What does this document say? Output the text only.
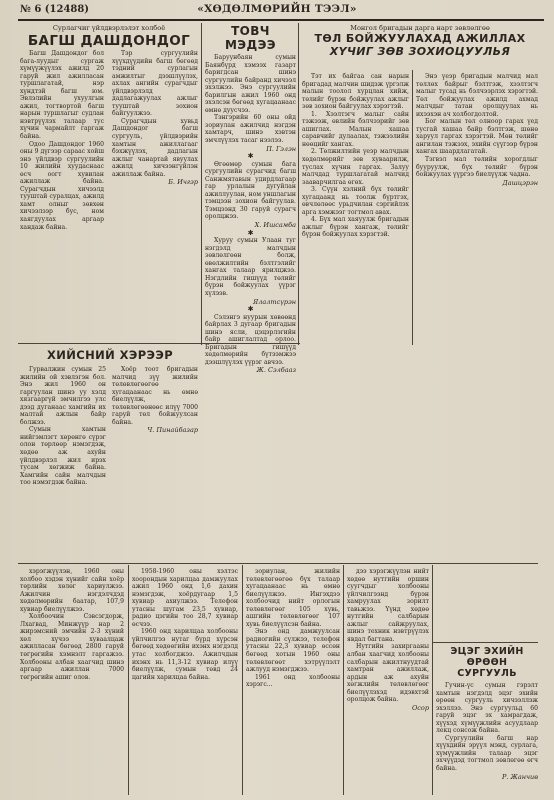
№ 6 (12488)	«ХӨДӨЛМӨРИЙН ТЭЭЛ»
Сурлагчиг үйлдвэрлэлэт холбоё
БАГШ ДАШДОНДОГ

Багш Дашдондог бол бага-луудыг сургаж хүмүүжүүлэх ажилд 20 гаруй жил ажилласан туршлагатай, нэр хүндтэй багш юм. Эвлэлийн ухуулгын ажил, тогтвортой багш нарын туршлагыг судлан нэвтрүүлэх талаар тус хүчин чармайлт гаргаж байна.

Одоо Дашдондог 1960 оны 9 дүгээр сараас хойш энэ үйлдвэр сургуулийн 10 жилийн хуудаснаас өсч оогт хувилан ажиллаж байна. Сурагчдын хичээлд тууштай суралцах, ажилд хамт олныг зөвхөн хичээлээр бус, ном хаягдуулах аргаар хандаж байна.

Тэр сургуулийн хүүхдүүдийн багш бөгөөд тэдний сурлагын амжилтыг дээшлүүлэх, ахлах ангийн сурагчдыг үйлдвэрлэлд дадлагажуулах ажлыг тууштай зохион байгуулжээ.

Сурагчдын хувьд Дашдондог багш сургууль, үйлдвэрийн хамтын ажиллагааг бэхжүүлэх, дадлагын ажлыг чанартай явуулах ажилд хичээнгүйлэн ажиллаж байна.

Б. Ичгэр
ХИЙСНИЙ ХЭРЭЭР

Гурвалжин сумын 25 жилийн ой хэвлэгэн бол. Энэ жил 1960 он гаргуулан шинэ уу хэлд хязгааргүй эмчилгээ улс дээд дуганаас хамгийн их малтай ажлын байр болжээ.

Сумын хамтын нийгэмлэгт хөрөнгө сүрэг олон төрлөөр нэмэгдэж, хөдөө аж ахуйн үйлдвэрлэл жил ирэх тусам хөгжиж байна. Хамгийн сайн малчдын тоо нэмэгдэж байна.

Хоёр тоот бригадын малчид зүү жилийн төлөвлөгөөгөө хугацаанаас нь өмнө биелүүлж, төлөвлөгөөнөөс илүү 7000 гаруй төл бойжуулсан байна.

Ч. Пинайбазар
ТОВЧ МЭДЭЭ

Баруунбаян сумын Баянбүрд хэмээх газарт баригдсан шинэ сургуулийн байранд хичээл эхэлжээ. Энэ сургуулийн барилгын ажил 1960 онд эхэлсэн бөгөөд хугацаанаас өмнө дуусчээ.

Тэнгэрийн 60 оны ойд зориулан ажилчид нэгдэн хамтарч, шинэ хэвтэн эмчлүүлэх тасаг нээлээ.

П. Гэлэн
✱

Өгөөмөр сумын бага сургуулийн сурагчид багш Санжмятавын удирдлагаар гар урлалын дугуйлан ажиллуулан, ном уншлагын тэмцээн зохион байгуулав. Тэмцээнд 30 гаруй сурагч оролцжээ.

Х. Ишсамба
✱

Хуруу сумын Улаан туг нэгдэлд малчдын зөвлөлгөөн болж, өвөлжилтийн бэлтгэлийг хангах талаар ярилцжээ. Нэгдлийн гишүүд төлийг бүрэн бойжуулах үүрэг хүлээв.

Ялалтсүрэн
✱

Сэлэнгэ нуурын хөвөөнд байрлах 3 дугаар бригадын шинэ ясли, цэцэрлэгийн байр ашиглалтад орлоо. Бригадын гишүүд хөдөлмөрийн бүтээмжээ дээшлүүлэх үүрэг авчээ.

Ж. Сэлбааз
Монгол бригадын дарга нарт зөвлөлгөө
ТӨЛ БОЙЖУУЛАХАД АЖИЛЛАХ
ХҮЧИГ ЗӨВ ЗОХИОЦУУЛЬЯ

Тэт их байгаа сан нарын бригадад малчин шидэж үргэлж малын тоолол хурцлан хийж, төлийг бүрэн бойжуулах ажлыг зөв зохион байгуулах хэрэгтэй.

1. Хээлтэгч малыг сайн тэжээж, өвлийн бэлчээрийг зөв ашиглах. Малын хашаа саравчийг дулаалах, тэжээлийн нөөцийг хангах.

2. Төлжилтийн үеэр малчдын хөдөлмөрийг зөв хуваарилж, туслах хүчин гаргах. Залуу малчдад туршлагатай малчид зааварчилгаа өгөх.

3. Сүүн хэлний бүх төлийг хугацаанд нь тоолж бүртгэх, өвчлөлөөс урьдчилан сэргийлэх арга хэмжээг тогтмол авах.

4. Бүх мал хаяуулж бригадын ажлыг бүрэн хангаж, төлийг бүрэн бойжуулах хэрэгтэй.

Энэ үеэр бригадын малчид мал төллөх байрыг бэлтгэж, хээлтэгч малыг тусад нь бэлчээрлэх хэрэгтэй. Төл бойжуулах ажилд ахмад малчдыг татан оролцуулах нь ихээхэн ач холбогдолтой.

Бог малын төл олноор гарах үед тусгай хашаа байр бэлтгэж, шөнө харуул гаргах хэрэгтэй. Мөн төлийг ангилан тэжээх, эхийн сүүгээр бүрэн хангах шаардлагатай.

Тэгвэл мал төлийн хорогдлыг бууруулж, бүх төлийг бүрэн бойжуулах үүргээ биелүүлж чадна.

Дашцэрэн

хэрэгжүүлэн, 1960 оны холбоо хэдэн хүнийг сайн хоёр төрлийн хөлөг хариулжээ. Ажилчин нэгдэлчдэд хөдөлмөрийн баатар, 107,9 хувиар биелүүлжээ.

Холбоочин Сэвсэгдорж, Лхагвад, Минжүүр нар 2 жирэмсний эмчийн 2-3 хүний хөл хүчээ хуваалцаж ажилласан бөгөөд 2800 гаруй төгрөгийн хэмнэлт гаргажээ. Холбооны албан хаагчид шинэ аргаар ажиллан 7000 төгрөгийн ашиг олов.

1958-1960 оны хэлтэс хоорондын харилцаа дамжуулах ажил 1960 онд 1,6 дахин нэмэгдэж, хоёрдугаар 1,5 хувиар ахиулжээ. Телефон утасны шугам 23,5 хувиар, радио цэгийн тоо 28,7 хувиар өсчээ.

1960 онд харилцаа холбооны үйлчилгээ нутаг бүрд хүрсэн бөгөөд хөдөөгийн ихэнх нэгдэлд утас холбогджээ. Ажилчдын ихэнх нь 11,3-12 хувиар илүү биелүүлж, сумын төвд 24 цагийн харилцаа байна.

зориулан, жилийн төлөвлөгөөгөө бүх талаар хугацаанаас нь өмнө биелүүлжээ. Ингэхдээ холбоочид нийт орлогын төлөвлөгөөг 105 хувь, ашгийн төлөвлөгөөг 107 хувь биелүүлсэн байна.

Энэ онд дамжуулсан радиогийн сүлжээ, телефон утасны 22,3 хувиар өссөн бөгөөд хотын 1960 оны төлөвлөгөөт хэтрүүлэлт ажлууд нэмэгджээ.

1961 онд холбооны хэрэгс...

дээ хэрэгжүүлэн нийт хөдөө нутгийн оршин суугчдыг холбооны үйлчилгээнд бүрэн хамруулах зорилт тавьжээ. Үүнд хөдөө нутгийн салбарын ажлыг сайжруулах, шинэ техник нэвтрүүлэх явдал багтана.

Нутгийн захиргааны албан хаагчид холбооны салбарын ажилтнуудтай хамтран ажиллаж, ардын аж ахуйн хөгжлийн төлөвлөгөөг биелүүлэхэд идэвхтэй оролцож байна.

Осор
ЭЦЭГ ЭХИЙН ӨРӨӨН СУРГУУЛЬ

Гучин-үс сумын гэрэлт хамтын нэгдэлд эцэг эхийн өрөөн сургууль хичээллэж эхэллээ. Энэ сургуульд 60 гаруй эцэг эх хамрагдаж, хүүхэд хүмүүжлийн асуудлаар лекц сонсож байна.

Сургуулийн багш нар хүүхдийн эрүүл мэнд, сурлага, хүмүүжлийн талаар эцэг эхчүүдэд тогтмол зөвлөгөө өгч байна.

Р. Жанчив
